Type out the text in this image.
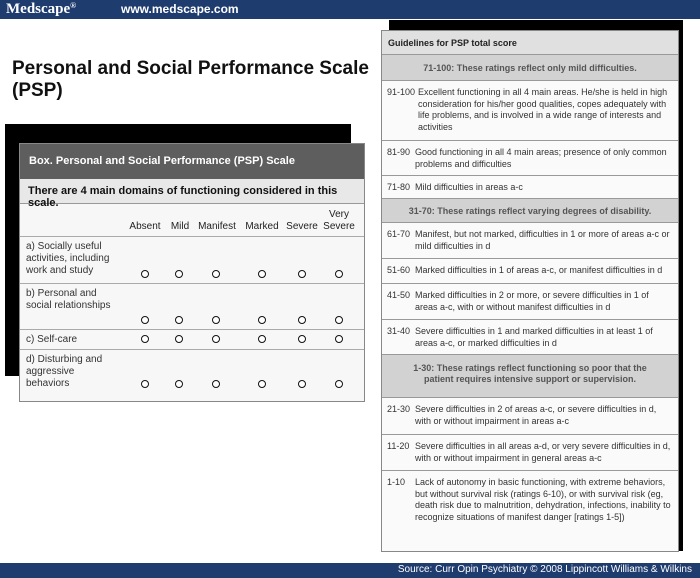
Medscape®	www.medscape.com
Personal and Social Performance Scale (PSP)
Box. Personal and Social Performance (PSP) Scale
There are 4 main domains of functioning considered in this scale.
Absent	Mild Manifest Marked Severe
Very Severe
a) Socially useful activities, including work and study
b) Personal and social relationships
c) Self-care
d) Disturbing and aggressive behaviors
Guidelines for PSP total score
71-100: These ratings reflect only mild difficulties.
91-100 Excellent functioning in all 4 main areas. He/she is held in high consideration for his/her good qualities, copes adequately with life problems, and is involved in a wide range of interests and activities
81-90 Good functioning in all 4 main areas; presence of only common problems and difficulties
71-80 Mild difficulties in areas a-c
31-70: These ratings reflect varying degrees of disability.
61-70 Manifest, but not marked, difficulties in 1 or more of areas a-c or mild difficulties in d
51-60 Marked difficulties in 1 of areas a-c, or manifest difficulties in d
41-50 Marked difficulties in 2 or more, or severe difficulties in 1 of areas a-c, with or without manifest difficulties in d
31-40 Severe difficulties in 1 and marked difficulties in at least 1 of areas a-c, or marked difficulties in d
1-30: These ratings reflect functioning so poor that the patient requires intensive support or supervision.
21-30 Severe difficulties in 2 of areas a-c, or severe difficulties in d, with or without impairment in areas a-c
11-20 Severe difficulties in all areas a-d, or very severe difficulties in d, with or without impairment in general areas a-c
1-10 Lack of autonomy in basic functioning, with extreme behaviors, but without survival risk (ratings 6-10), or with survival risk (eg, death risk due to malnutrition, dehydration, infections, inability to recognize situations of manifest danger [ratings 1-5])
Source: Curr Opin Psychiatry © 2008 Lippincott Williams & Wilkins
